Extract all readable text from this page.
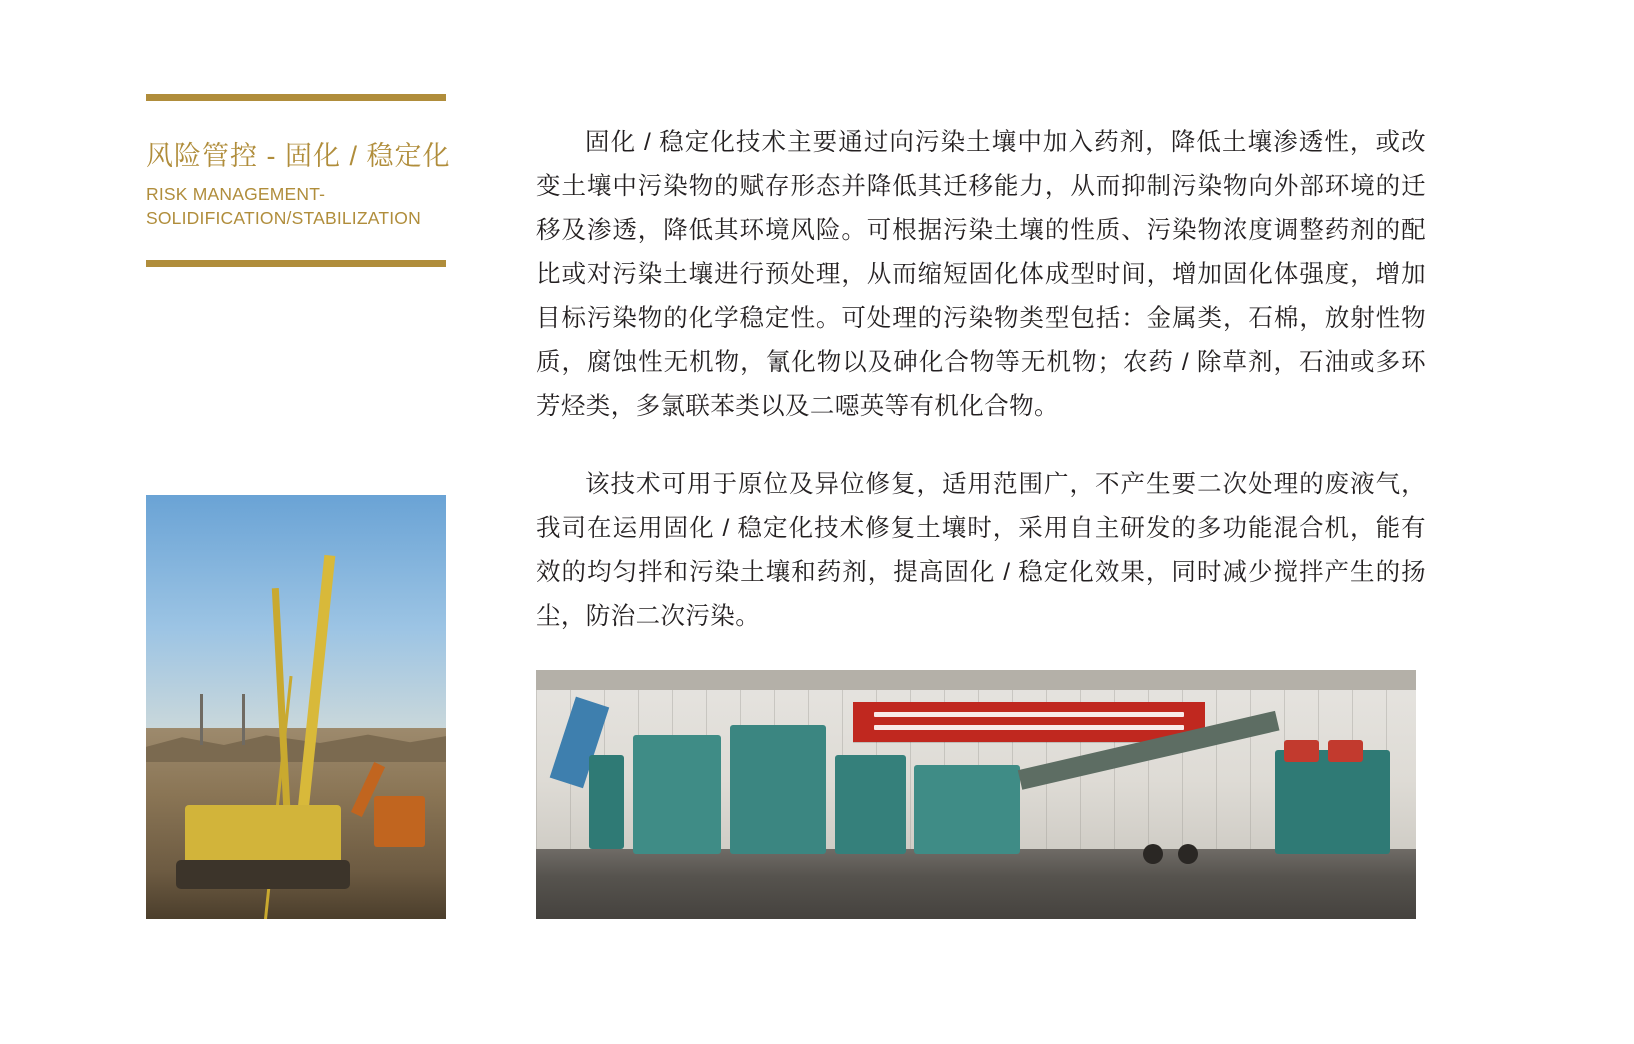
风险管控 - 固化 / 稳定化
RISK MANAGEMENT-
SOLIDIFICATION/STABILIZATION

固化 / 稳定化技术主要通过向污染土壤中加入药剂，降低土壤渗透性，或改变土壤中污染物的赋存形态并降低其迁移能力，从而抑制污染物向外部环境的迁移及渗透，降低其环境风险。可根据污染土壤的性质、污染物浓度调整药剂的配比或对污染土壤进行预处理，从而缩短固化体成型时间，增加固化体强度，增加目标污染物的化学稳定性。可处理的污染物类型包括：金属类，石棉，放射性物质，腐蚀性无机物，氰化物以及砷化合物等无机物；农药 / 除草剂，石油或多环芳烃类，多氯联苯类以及二噁英等有机化合物。

该技术可用于原位及异位修复，适用范围广，不产生要二次处理的废液气，我司在运用固化 / 稳定化技术修复土壤时，采用自主研发的多功能混合机，能有效的均匀拌和污染土壤和药剂，提高固化 / 稳定化效果，同时减少搅拌产生的扬尘，防治二次污染。
